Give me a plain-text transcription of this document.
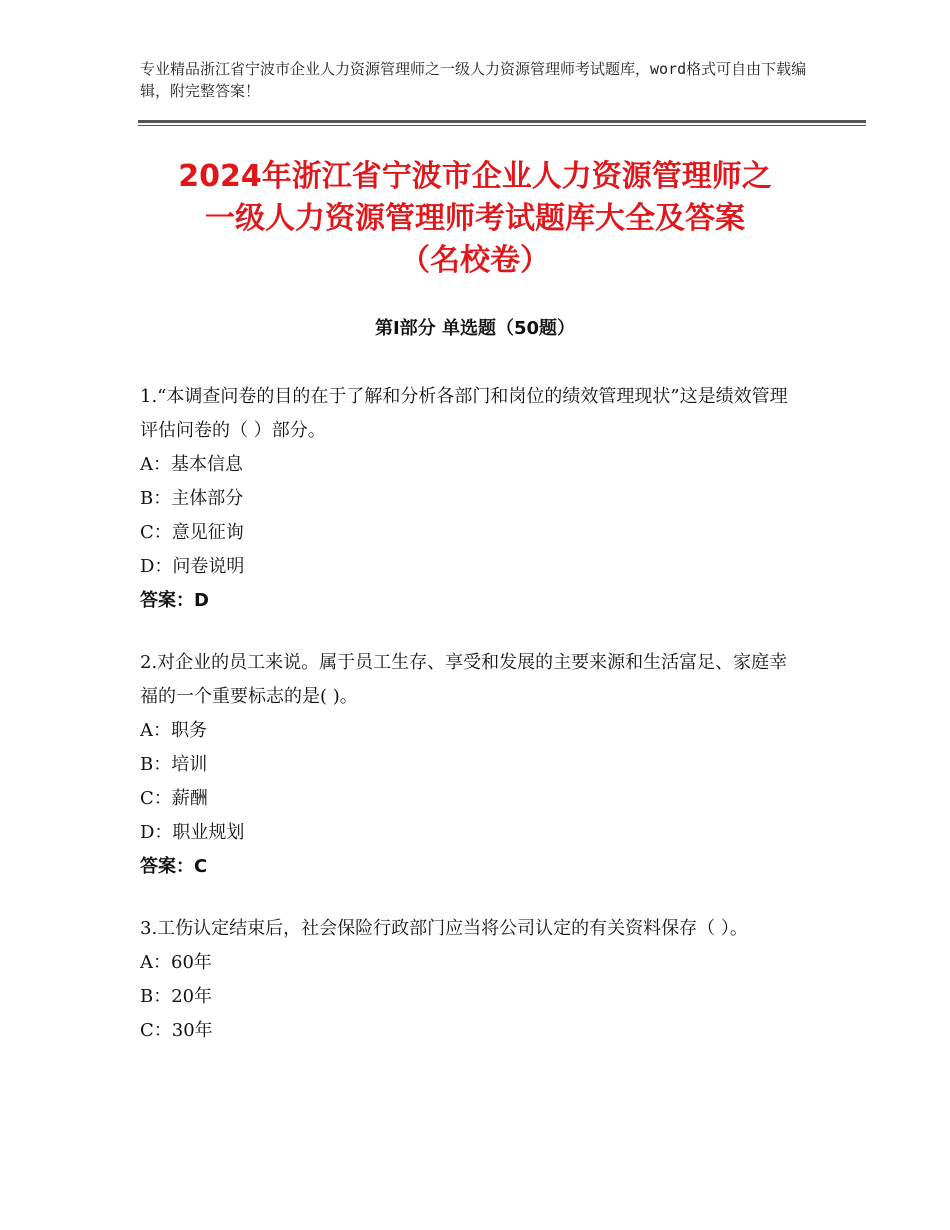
专业精品浙江省宁波市企业人力资源管理师之一级人力资源管理师考试题库，word格式可自由下载编辑，附完整答案！
2024年浙江省宁波市企业人力资源管理师之
一级人力资源管理师考试题库大全及答案
（名校卷）
第Ⅰ部分 单选题（50题）

1.“本调查问卷的目的在于了解和分析各部门和岗位的绩效管理现状”这是绩效管理评估问卷的（ ）部分。

A：基本信息

B：主体部分

C：意见征询

D：问卷说明

答案：D

2.对企业的员工来说。属于员工生存、享受和发展的主要来源和生活富足、家庭幸福的一个重要标志的是( )。

A：职务

B：培训

C：薪酬

D：职业规划

答案：C

3.工伤认定结束后，社会保险行政部门应当将公司认定的有关资料保存（ ）。

A：60年

B：20年

C：30年
